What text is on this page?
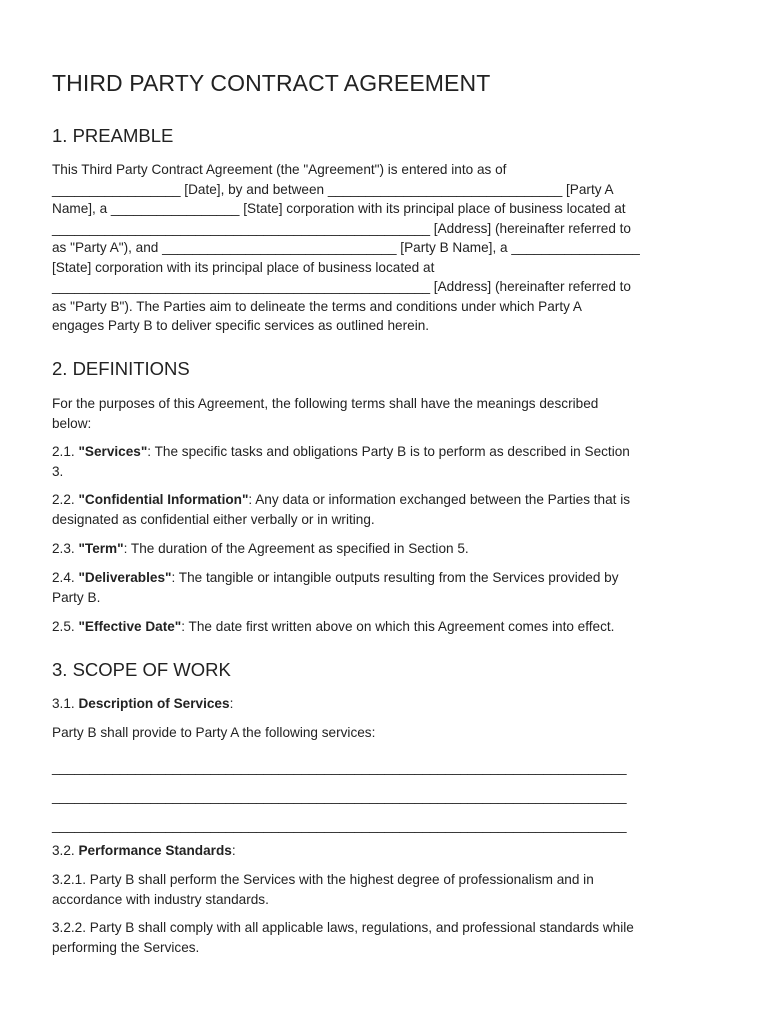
THIRD PARTY CONTRACT AGREEMENT
1. PREAMBLE

This Third Party Contract Agreement (the "Agreement") is entered into as of

_________________ [Date], by and between _______________________________ [Party A

Name], a _________________ [State] corporation with its principal place of business located at

__________________________________________________ [Address] (hereinafter referred to

as "Party A"), and _______________________________ [Party B Name], a _________________

[State] corporation with its principal place of business located at

__________________________________________________ [Address] (hereinafter referred to

as "Party B"). The Parties aim to delineate the terms and conditions under which Party A

engages Party B to deliver specific services as outlined herein.

2. DEFINITIONS

For the purposes of this Agreement, the following terms shall have the meanings described

below:

2.1. "Services": The specific tasks and obligations Party B is to perform as described in Section

3.

2.2. "Confidential Information": Any data or information exchanged between the Parties that is

designated as confidential either verbally or in writing.

2.3. "Term": The duration of the Agreement as specified in Section 5.

2.4. "Deliverables": The tangible or intangible outputs resulting from the Services provided by

Party B.

2.5. "Effective Date": The date first written above on which this Agreement comes into effect.

3. SCOPE OF WORK

3.1. Description of Services:

Party B shall provide to Party A the following services:

____________________________________________________________________________
____________________________________________________________________________
____________________________________________________________________________

3.2. Performance Standards:

3.2.1. Party B shall perform the Services with the highest degree of professionalism and in

accordance with industry standards.

3.2.2. Party B shall comply with all applicable laws, regulations, and professional standards while

performing the Services.
